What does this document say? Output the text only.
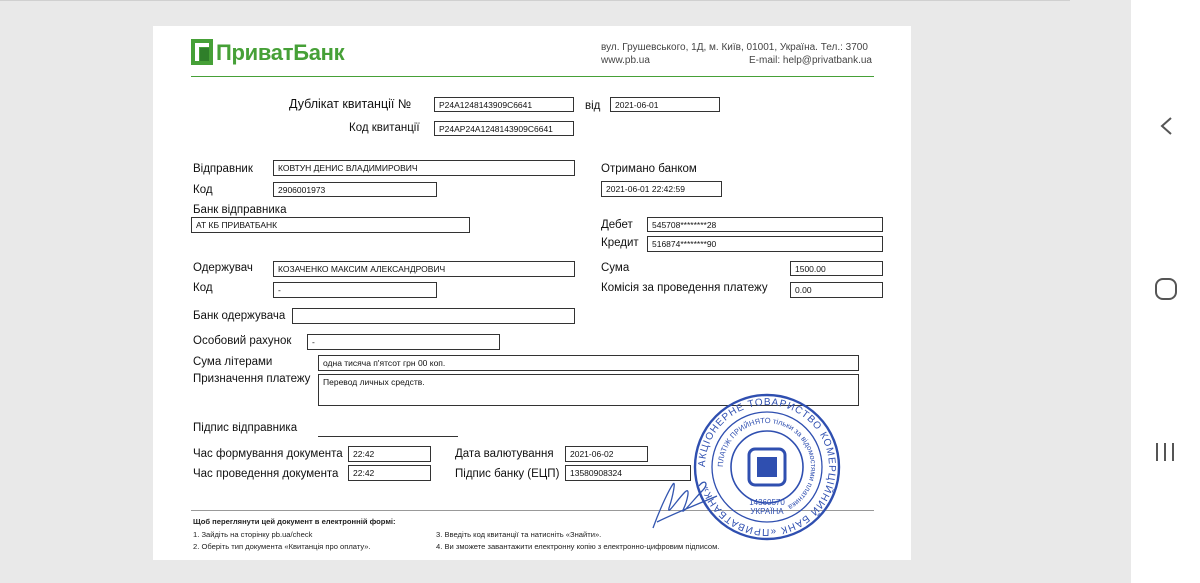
ПриватБанк	вул. Грушевського, 1Д, м. Київ, 01001, Україна. Тел.: 3700
www.pb.ua	E-mail: help@privatbank.ua
Дублікат квитанції №	P24A1248143909C6641	від	2021-06-01
Код квитанції	P24AP24A1248143909C6641
Відправник	КОВТУН ДЕНИС ВЛАДИМИРОВИЧ
Код	2906001973
Банк відправника
АТ КБ ПРИВАТБАНК
Отримано банком
2021-06-01 22:42:59
Дебет	545708********28
Кредит	516874********90
Сума	1500.00
Комісія за проведення платежу	0.00
Одержувач	КОЗАЧЕНКО МАКСИМ АЛЕКСАНДРОВИЧ
Код	-
Банк одержувача
Особовий рахунок	-
Сума літерами	одна тисяча п'ятсот грн 00 коп.
Призначення платежу	Перевод личных средств.
Підпис відправника
Час формування документа	22:42
Час проведення документа	22:42
Дата валютування	2021-06-02
Підпис банку (ЕЦП)	13580908324
Щоб переглянути цей документ в електронній формі:
1. Зайдіть на сторінку pb.ua/check
2. Оберіть тип документа «Квитанція про оплату».
3. Введіть код квитанції та натисніть «Знайти».
4. Ви зможете завантажити електронну копію з електронно-цифровим підписом.
АКЦІОНЕРНЕ ТОВАРИСТВО КОМЕРЦІЙНИЙ БАНК «ПРИВАТБАНК»
ПЛАТІЖ ПРИЙНЯТО тільки за відомостями платника
14360570
УКРАЇНА
